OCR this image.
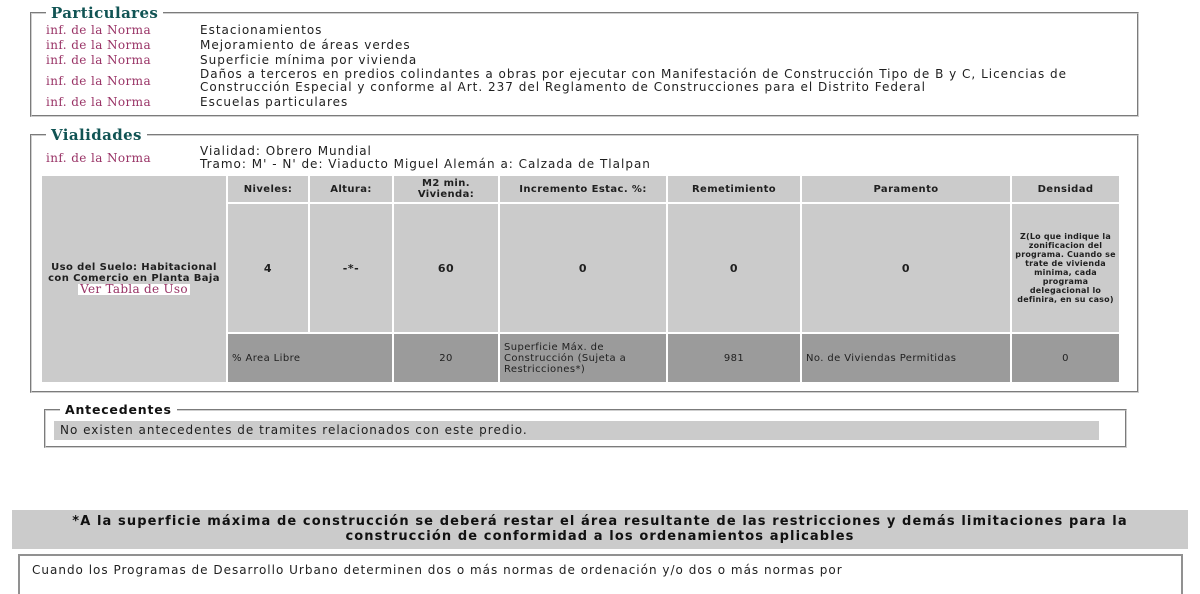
Particulares
inf. de la Norma	Estacionamientos
inf. de la Norma	Mejoramiento de áreas verdes
inf. de la Norma	Superficie mínima por vivienda
inf. de la Norma	Daños a terceros en predios colindantes a obras por ejecutar con Manifestación de Construcción Tipo de B y C, Licencias de Construcción Especial y conforme al Art. 237 del Reglamento de Construcciones para el Distrito Federal
inf. de la Norma	Escuelas particulares
Vialidades
inf. de la Norma	Vialidad: Obrero Mundial
Tramo: M' - N' de: Viaducto Miguel Alemán a: Calzada de Tlalpan
Uso del Suelo: Habitacional con Comercio en Planta Baja
Ver Tabla de Uso	Niveles:	Altura:	M2 min. Vivienda:	Incremento Estac. %:	Remetimiento	Paramento	Densidad
	4	-*-	60	0	0	0	Z(Lo que indique la zonificacion del programa. Cuando se trate de vivienda minima, cada programa delegacional lo definira, en su caso)
	% Area Libre		20	Superficie Máx. de Construcción (Sujeta a Restricciones*)	981	No. de Viviendas Permitidas	0
Antecedentes
No existen antecedentes de tramites relacionados con este predio.
*A la superficie máxima de construcción se deberá restar el área resultante de las restricciones y demás limitaciones para la construcción de conformidad a los ordenamientos aplicables
Cuando los Programas de Desarrollo Urbano determinen dos o más normas de ordenación y/o dos o más normas por
